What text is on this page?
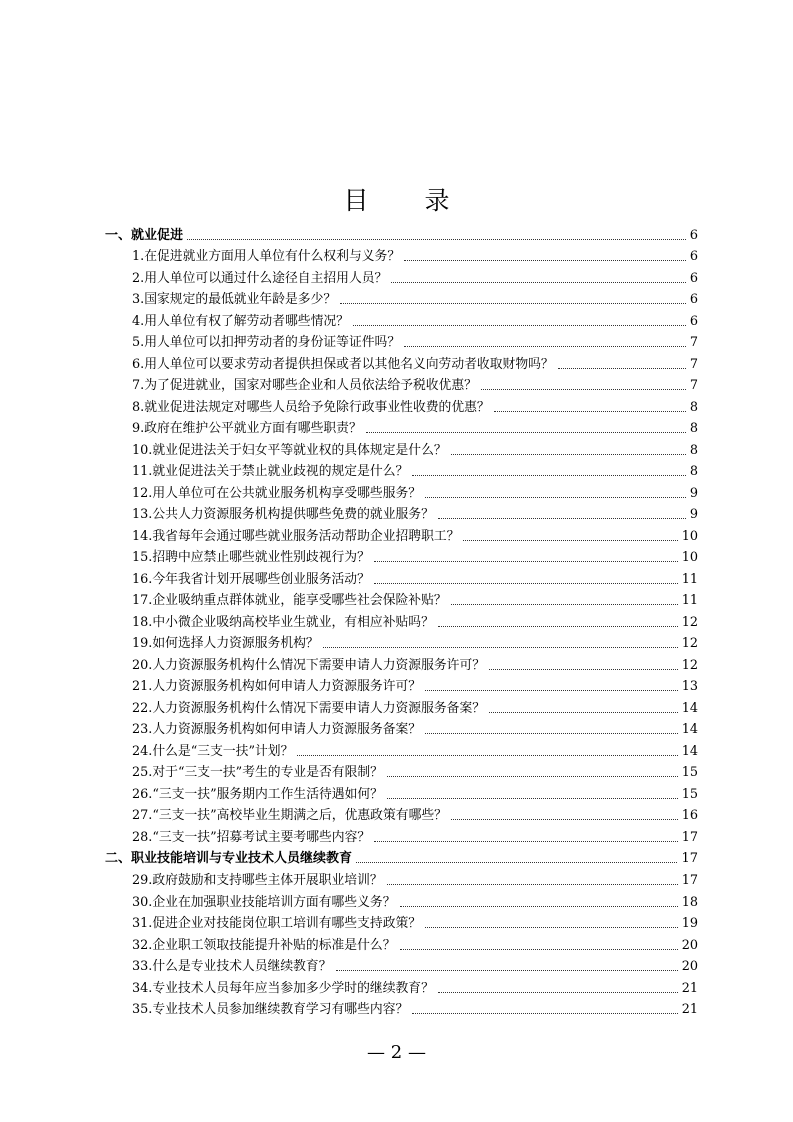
目 录
一、就业促进	6
1.在促进就业方面用人单位有什么权利与义务？	6
2.用人单位可以通过什么途径自主招用人员？	6
3.国家规定的最低就业年龄是多少？	6
4.用人单位有权了解劳动者哪些情况？	6
5.用人单位可以扣押劳动者的身份证等证件吗？	7
6.用人单位可以要求劳动者提供担保或者以其他名义向劳动者收取财物吗？	7
7.为了促进就业，国家对哪些企业和人员依法给予税收优惠？	7
8.就业促进法规定对哪些人员给予免除行政事业性收费的优惠？	8
9.政府在维护公平就业方面有哪些职责？	8
10.就业促进法关于妇女平等就业权的具体规定是什么？	8
11.就业促进法关于禁止就业歧视的规定是什么？	8
12.用人单位可在公共就业服务机构享受哪些服务？	9
13.公共人力资源服务机构提供哪些免费的就业服务？	9
14.我省每年会通过哪些就业服务活动帮助企业招聘职工？	10
15.招聘中应禁止哪些就业性别歧视行为？	10
16.今年我省计划开展哪些创业服务活动？	11
17.企业吸纳重点群体就业，能享受哪些社会保险补贴？	11
18.中小微企业吸纳高校毕业生就业，有相应补贴吗？	12
19.如何选择人力资源服务机构？	12
20.人力资源服务机构什么情况下需要申请人力资源服务许可？	12
21.人力资源服务机构如何申请人力资源服务许可？	13
22.人力资源服务机构什么情况下需要申请人力资源服务备案？	14
23.人力资源服务机构如何申请人力资源服务备案？	14
24.什么是“三支一扶”计划？	14
25.对于“三支一扶”考生的专业是否有限制？	15
26.“三支一扶”服务期内工作生活待遇如何？	15
27.“三支一扶”高校毕业生期满之后，优惠政策有哪些？	16
28.“三支一扶”招募考试主要考哪些内容？	17
二、职业技能培训与专业技术人员继续教育	17
29.政府鼓励和支持哪些主体开展职业培训？	17
30.企业在加强职业技能培训方面有哪些义务？	18
31.促进企业对技能岗位职工培训有哪些支持政策？	19
32.企业职工领取技能提升补贴的标准是什么？	20
33.什么是专业技术人员继续教育？	20
34.专业技术人员每年应当参加多少学时的继续教育？	21
35.专业技术人员参加继续教育学习有哪些内容？	21
— 2 —
